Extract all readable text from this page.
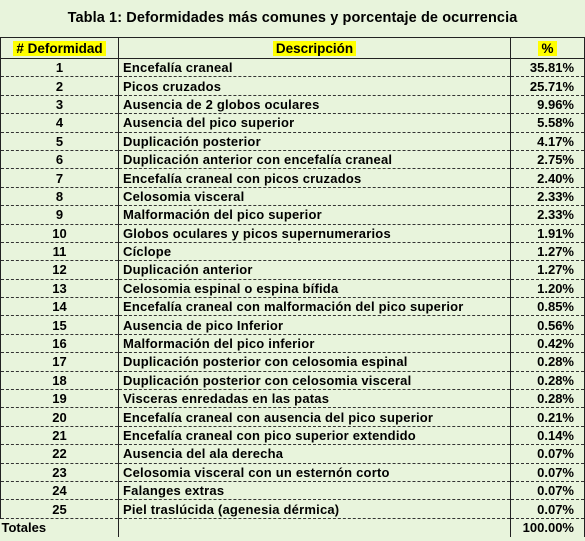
Tabla 1: Deformidades más comunes y porcentaje de ocurrencia
# Deformidad	Descripción	%
1	Encefalía craneal	35.81%
2	Picos cruzados	25.71%
3	Ausencia de 2 globos oculares	9.96%
4	Ausencia del pico superior	5.58%
5	Duplicación posterior	4.17%
6	Duplicación anterior con encefalía craneal	2.75%
7	Encefalía craneal con picos cruzados	2.40%
8	Celosomia visceral	2.33%
9	Malformación del pico superior	2.33%
10	Globos oculares y picos supernumerarios	1.91%
11	Cíclope	1.27%
12	Duplicación anterior	1.27%
13	Celosomia espinal o espina bífida	1.20%
14	Encefalía craneal con malformación del pico superior	0.85%
15	Ausencia de pico Inferior	0.56%
16	Malformación del pico inferior	0.42%
17	Duplicación posterior con celosomia espinal	0.28%
18	Duplicación posterior con celosomia visceral	0.28%
19	Visceras enredadas en las patas	0.28%
20	Encefalía craneal con ausencia del pico superior	0.21%
21	Encefalía craneal con pico superior extendido	0.14%
22	Ausencia del ala derecha	0.07%
23	Celosomia visceral con un esternón corto	0.07%
24	Falanges extras	0.07%
25	Piel traslúcida (agenesia dérmica)	0.07%
Totales		100.00%
